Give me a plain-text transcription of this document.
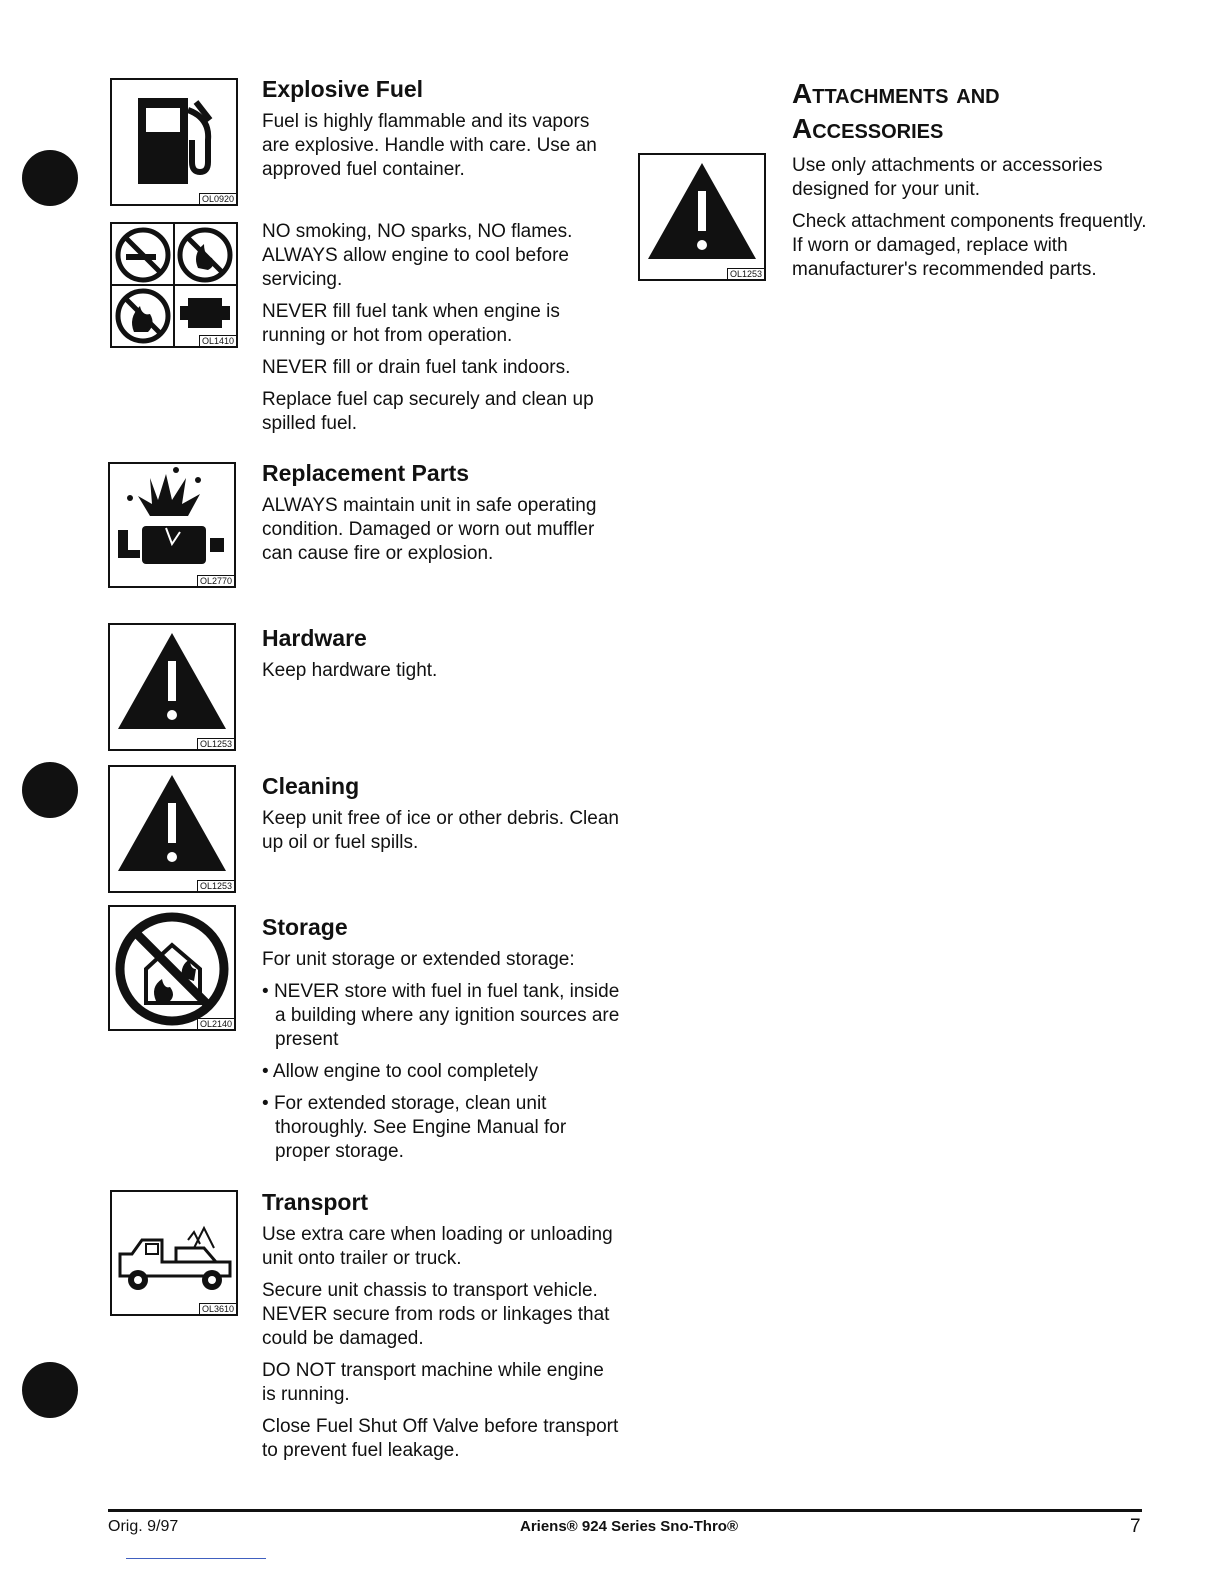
OL0920
OL1410
OL2770
OL1253
OL1253
OL2140
OL3610
OL1253
Explosive Fuel

Fuel is highly flammable and its vapors are explosive. Handle with care. Use an approved fuel container.

NO smoking, NO sparks, NO flames. ALWAYS allow engine to cool before servicing.

NEVER fill fuel tank when engine is running or hot from operation.

NEVER fill or drain fuel tank indoors.

Replace fuel cap securely and clean up spilled fuel.

Replacement Parts

ALWAYS maintain unit in safe operating condition. Damaged or worn out muffler can cause fire or explosion.

Hardware

Keep hardware tight.

Cleaning

Keep unit free of ice or other debris. Clean up oil or fuel spills.

Storage

For unit storage or extended storage:

• NEVER store with fuel in fuel tank, inside a building where any ignition sources are present
• Allow engine to cool completely
• For extended storage, clean unit thoroughly. See Engine Manual for proper storage.
Transport

Use extra care when loading or unloading unit onto trailer or truck.

Secure unit chassis to transport vehicle. NEVER secure from rods or linkages that could be damaged.

DO NOT transport machine while engine is running.

Close Fuel Shut Off Valve before transport to prevent fuel leakage.

Attachments and
Accessories

Use only attachments or accessories designed for your unit.

Check attachment components frequently. If worn or damaged, replace with manufacturer's recommended parts.

Orig. 9/97	Ariens® 924 Series Sno-Thro®	7
